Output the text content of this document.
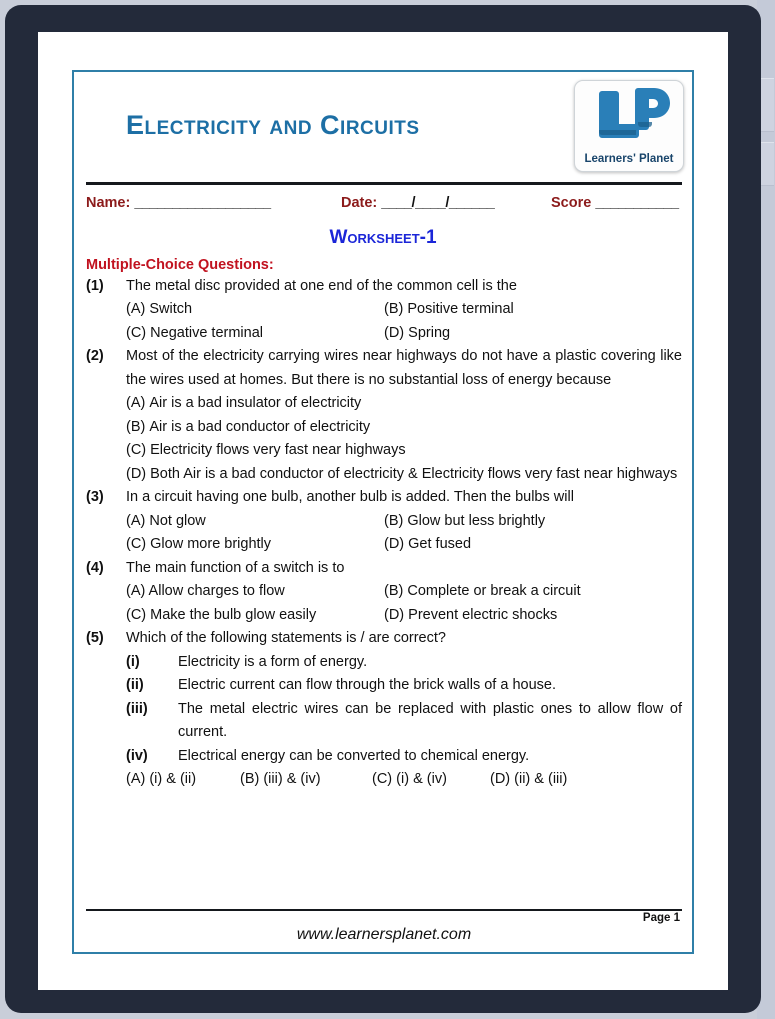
Electricity and Circuits
Learners' Planet
Name: __________________	Date: ____/____/______	Score ___________
Worksheet-1
Multiple-Choice Questions:
(1)	The metal disc provided at one end of the common cell is the
(A) Switch	(B) Positive terminal
(C) Negative terminal	(D) Spring
(2)	Most of the electricity carrying wires near highways do not have a plastic covering like the wires used at homes. But there is no substantial loss of energy because
(A) Air is a bad insulator of electricity
(B) Air is a bad conductor of electricity
(C) Electricity flows very fast near highways
(D) Both Air is a bad conductor of electricity & Electricity flows very fast near highways
(3)	In a circuit having one bulb, another bulb is added. Then the bulbs will
(A) Not glow	(B) Glow but less brightly
(C) Glow more brightly	(D) Get fused
(4)	The main function of a switch is to
(A) Allow charges to flow	(B) Complete or break a circuit
(C) Make the bulb glow easily	(D) Prevent electric shocks
(5)	Which of the following statements is / are correct?
(i)	Electricity is a form of energy.
(ii)	Electric current can flow through the brick walls of a house.
(iii)	The metal electric wires can be replaced with plastic ones to allow flow of current.
(iv)	Electrical energy can be converted to chemical energy.
(A) (i) & (ii)	(B) (iii) & (iv)	(C) (i) & (iv)	(D) (ii) & (iii)
Page 1
www.learnersplanet.com
